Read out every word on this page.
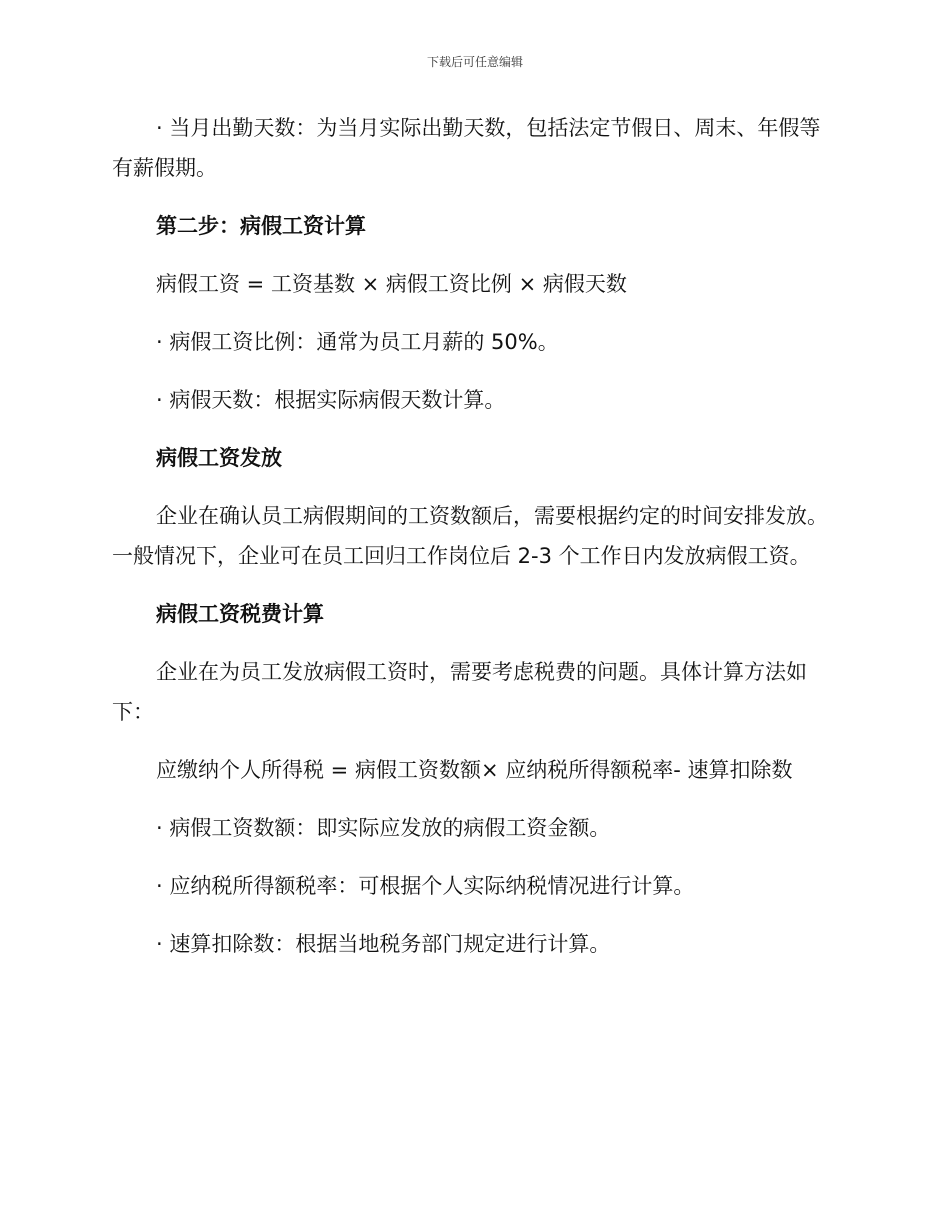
下载后可任意编辑

· 当月出勤天数：为当月实际出勤天数，包括法定节假日、周末、年假等有薪假期。

第二步：病假工资计算

病假工资 = 工资基数 × 病假工资比例 × 病假天数

· 病假工资比例：通常为员工月薪的 50%。

· 病假天数：根据实际病假天数计算。

病假工资发放

企业在确认员工病假期间的工资数额后，需要根据约定的时间安排发放。一般情况下，企业可在员工回归工作岗位后 2-3 个工作日内发放病假工资。

病假工资税费计算

企业在为员工发放病假工资时，需要考虑税费的问题。具体计算方法如下：

应缴纳个人所得税 = 病假工资数额× 应纳税所得额税率- 速算扣除数

· 病假工资数额：即实际应发放的病假工资金额。

· 应纳税所得额税率：可根据个人实际纳税情况进行计算。

· 速算扣除数：根据当地税务部门规定进行计算。
